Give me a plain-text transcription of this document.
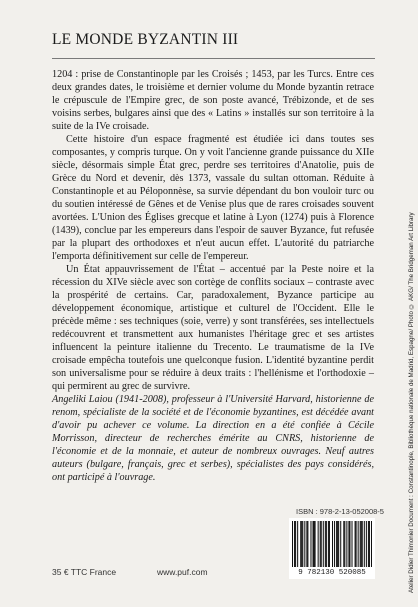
LE MONDE BYZANTIN III

1204 : prise de Constantinople par les Croisés ; 1453, par les Turcs. Entre ces deux grandes dates, le troisième et dernier volume du Monde byzantin retrace le crépuscule de l'Empire grec, de son poste avancé, Trébizonde, et de ses voisins serbes, bulgares ainsi que des « Latins » installés sur son territoire à la suite de la IVe croisade.

Cette histoire d'un espace fragmenté est étudiée ici dans toutes ses composantes, y compris turque. On y voit l'ancienne grande puissance du XIIe siècle, désormais simple État grec, perdre ses territoires d'Anatolie, puis de Grèce du Nord et devenir, dès 1373, vassale du sultan ottoman. Réduite à Constantinople et au Péloponnèse, sa survie dépendant du bon vouloir turc ou du soutien intéressé de Gênes et de Venise plus que de rares croisades souvent avortées. L'Union des Églises grecque et latine à Lyon (1274) puis à Florence (1439), conclue par les empereurs dans l'espoir de sauver Byzance, fut refusée par la plupart des orthodoxes et n'eut aucun effet. L'autorité du patriarche l'emporta définitivement sur celle de l'empereur.

Un État appauvrissement de l'État – accentué par la Peste noire et la récession du XIVe siècle avec son cortège de conflits sociaux – contraste avec la prospérité de certains. Car, paradoxalement, Byzance participe au développement économique, artistique et culturel de l'Occident. Elle le précède même : ses techniques (soie, verre) y sont transférées, ses intellectuels redécouvrent et transmettent aux humanistes l'héritage grec et ses artistes influencent la peinture italienne du Trecento. Le traumatisme de la IVe croisade empêcha toutefois une quelconque fusion. L'identité byzantine perdit son universalisme pour se réduire à deux traits : l'hellénisme et l'orthodoxie – qui permirent au grec de survivre.

Angeliki Laiou (1941-2008), professeur à l'Université Harvard, historienne de renom, spécialiste de la société et de l'économie byzantines, est décédée avant d'avoir pu achever ce volume. La direction en a été confiée à Cécile Morrisson, directeur de recherches émérite au CNRS, historienne de l'économie et de la monnaie, et auteur de nombreux ouvrages. Neuf autres auteurs (bulgare, français, grec et serbes), spécialistes des pays considérés, ont participé à l'ouvrage.

ISBN : 978-2-13-052008-5
9 782130 520085
35 € TTC France	www.puf.com	Atelier Didier Thimonier Document : Constantinople, Bibliothèque nationale de Madrid, Espagne/ Photo © AKG/ The Bridgeman Art Library
